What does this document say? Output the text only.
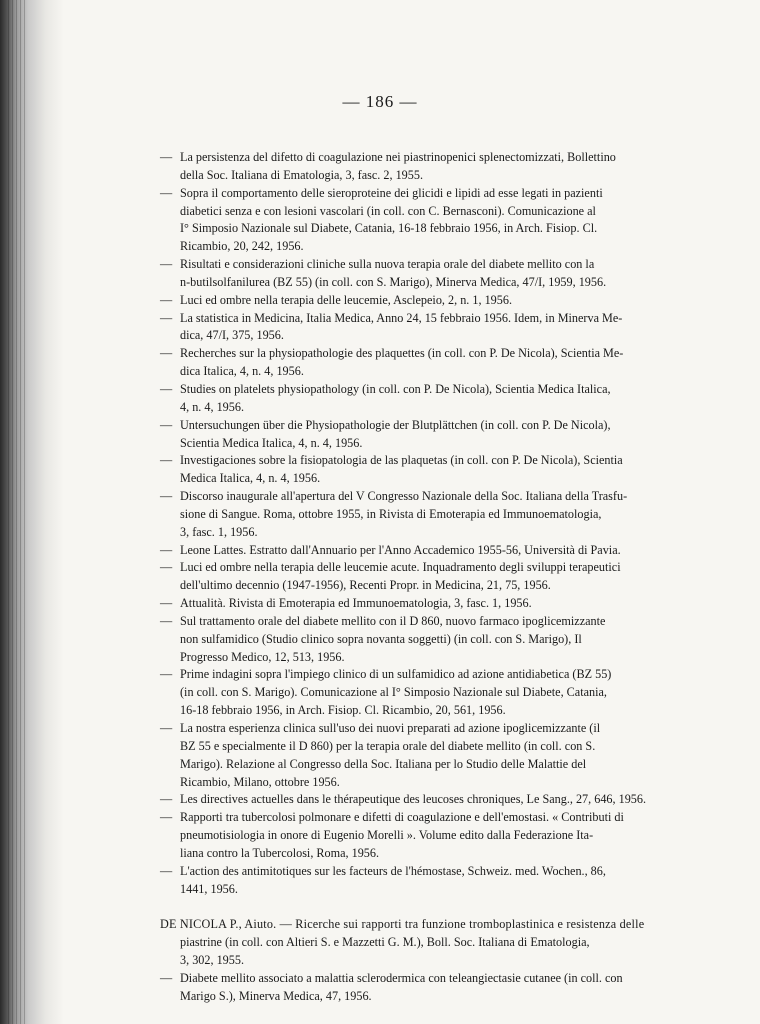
— 186 —
— La persistenza del difetto di coagulazione nei piastrinopenici splenectomizzati, Bollettino
della Soc. Italiana di Ematologia, 3, fasc. 2, 1955.
— Sopra il comportamento delle sieroproteine dei glicidi e lipidi ad esse legati in pazienti
diabetici senza e con lesioni vascolari (in coll. con C. Bernasconi). Comunicazione al
I° Simposio Nazionale sul Diabete, Catania, 16-18 febbraio 1956, in Arch. Fisiop. Cl.
Ricambio, 20, 242, 1956.
— Risultati e considerazioni cliniche sulla nuova terapia orale del diabete mellito con la
n-butilsolfanilurea (BZ 55) (in coll. con S. Marigo), Minerva Medica, 47/I, 1959, 1956.
— Luci ed ombre nella terapia delle leucemie, Asclepeio, 2, n. 1, 1956.
— La statistica in Medicina, Italia Medica, Anno 24, 15 febbraio 1956. Idem, in Minerva Me-
dica, 47/I, 375, 1956.
— Recherches sur la physiopathologie des plaquettes (in coll. con P. De Nicola), Scientia Me-
dica Italica, 4, n. 4, 1956.
— Studies on platelets physiopathology (in coll. con P. De Nicola), Scientia Medica Italica,
4, n. 4, 1956.
— Untersuchungen über die Physiopathologie der Blutplättchen (in coll. con P. De Nicola),
Scientia Medica Italica, 4, n. 4, 1956.
— Investigaciones sobre la fisiopatologia de las plaquetas (in coll. con P. De Nicola), Scientia
Medica Italica, 4, n. 4, 1956.
— Discorso inaugurale all'apertura del V Congresso Nazionale della Soc. Italiana della Trasfu-
sione di Sangue. Roma, ottobre 1955, in Rivista di Emoterapia ed Immunoematologia,
3, fasc. 1, 1956.
— Leone Lattes. Estratto dall'Annuario per l'Anno Accademico 1955-56, Università di Pavia.
— Luci ed ombre nella terapia delle leucemie acute. Inquadramento degli sviluppi terapeutici
dell'ultimo decennio (1947-1956), Recenti Propr. in Medicina, 21, 75, 1956.
— Attualità. Rivista di Emoterapia ed Immunoematologia, 3, fasc. 1, 1956.
— Sul trattamento orale del diabete mellito con il D 860, nuovo farmaco ipoglicemizzante
non sulfamidico (Studio clinico sopra novanta soggetti) (in coll. con S. Marigo), Il
Progresso Medico, 12, 513, 1956.
— Prime indagini sopra l'impiego clinico di un sulfamidico ad azione antidiabetica (BZ 55)
(in coll. con S. Marigo). Comunicazione al I° Simposio Nazionale sul Diabete, Catania,
16-18 febbraio 1956, in Arch. Fisiop. Cl. Ricambio, 20, 561, 1956.
— La nostra esperienza clinica sull'uso dei nuovi preparati ad azione ipoglicemizzante (il
BZ 55 e specialmente il D 860) per la terapia orale del diabete mellito (in coll. con S.
Marigo). Relazione al Congresso della Soc. Italiana per lo Studio delle Malattie del
Ricambio, Milano, ottobre 1956.
— Les directives actuelles dans le thérapeutique des leucoses chroniques, Le Sang., 27, 646, 1956.
— Rapporti tra tubercolosi polmonare e difetti di coagulazione e dell'emostasi. « Contributi di
pneumotisiologia in onore di Eugenio Morelli ». Volume edito dalla Federazione Ita-
liana contro la Tubercolosi, Roma, 1956.
— L'action des antimitotiques sur les facteurs de l'hémostase, Schweiz. med. Wochen., 86,
1441, 1956.
DE NICOLA P., Aiuto. — Ricerche sui rapporti tra funzione tromboplastinica e resistenza delle
piastrine (in coll. con Altieri S. e Mazzetti G. M.), Boll. Soc. Italiana di Ematologia,
3, 302, 1955.
— Diabete mellito associato a malattia sclerodermica con teleangiectasie cutanee (in coll. con
Marigo S.), Minerva Medica, 47, 1956.
